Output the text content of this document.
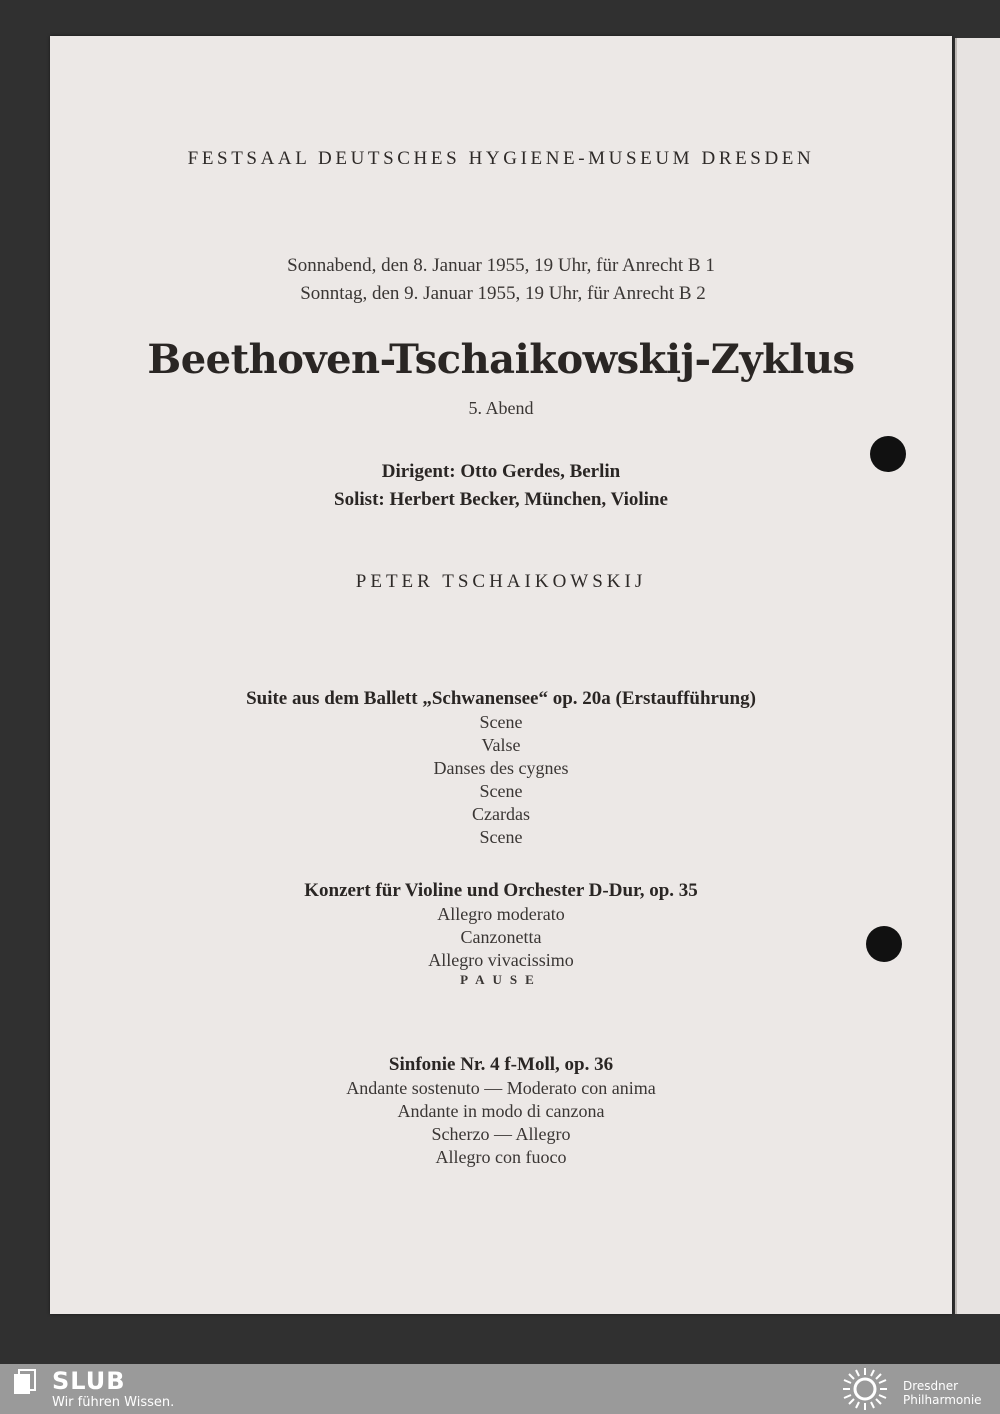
FESTSAAL DEUTSCHES HYGIENE-MUSEUM DRESDEN
Sonnabend, den 8. Januar 1955, 19 Uhr, für Anrecht B 1
Sonntag, den 9. Januar 1955, 19 Uhr, für Anrecht B 2
Beethoven-Tschaikowskij-Zyklus
5. Abend
Dirigent: Otto Gerdes, Berlin
Solist: Herbert Becker, München, Violine
PETER TSCHAIKOWSKIJ
Suite aus dem Ballett „Schwanensee“ op. 20a (Erstaufführung)
Scene
Valse
Danses des cygnes
Scene
Czardas
Scene
Konzert für Violine und Orchester D-Dur, op. 35
Allegro moderato
Canzonetta
Allegro vivacissimo
PAUSE
Sinfonie Nr. 4 f-Moll, op. 36
Andante sostenuto — Moderato con anima
Andante in modo di canzona
Scherzo — Allegro
Allegro con fuoco
SLUB
Wir führen Wissen.
Dresdner
Philharmonie
